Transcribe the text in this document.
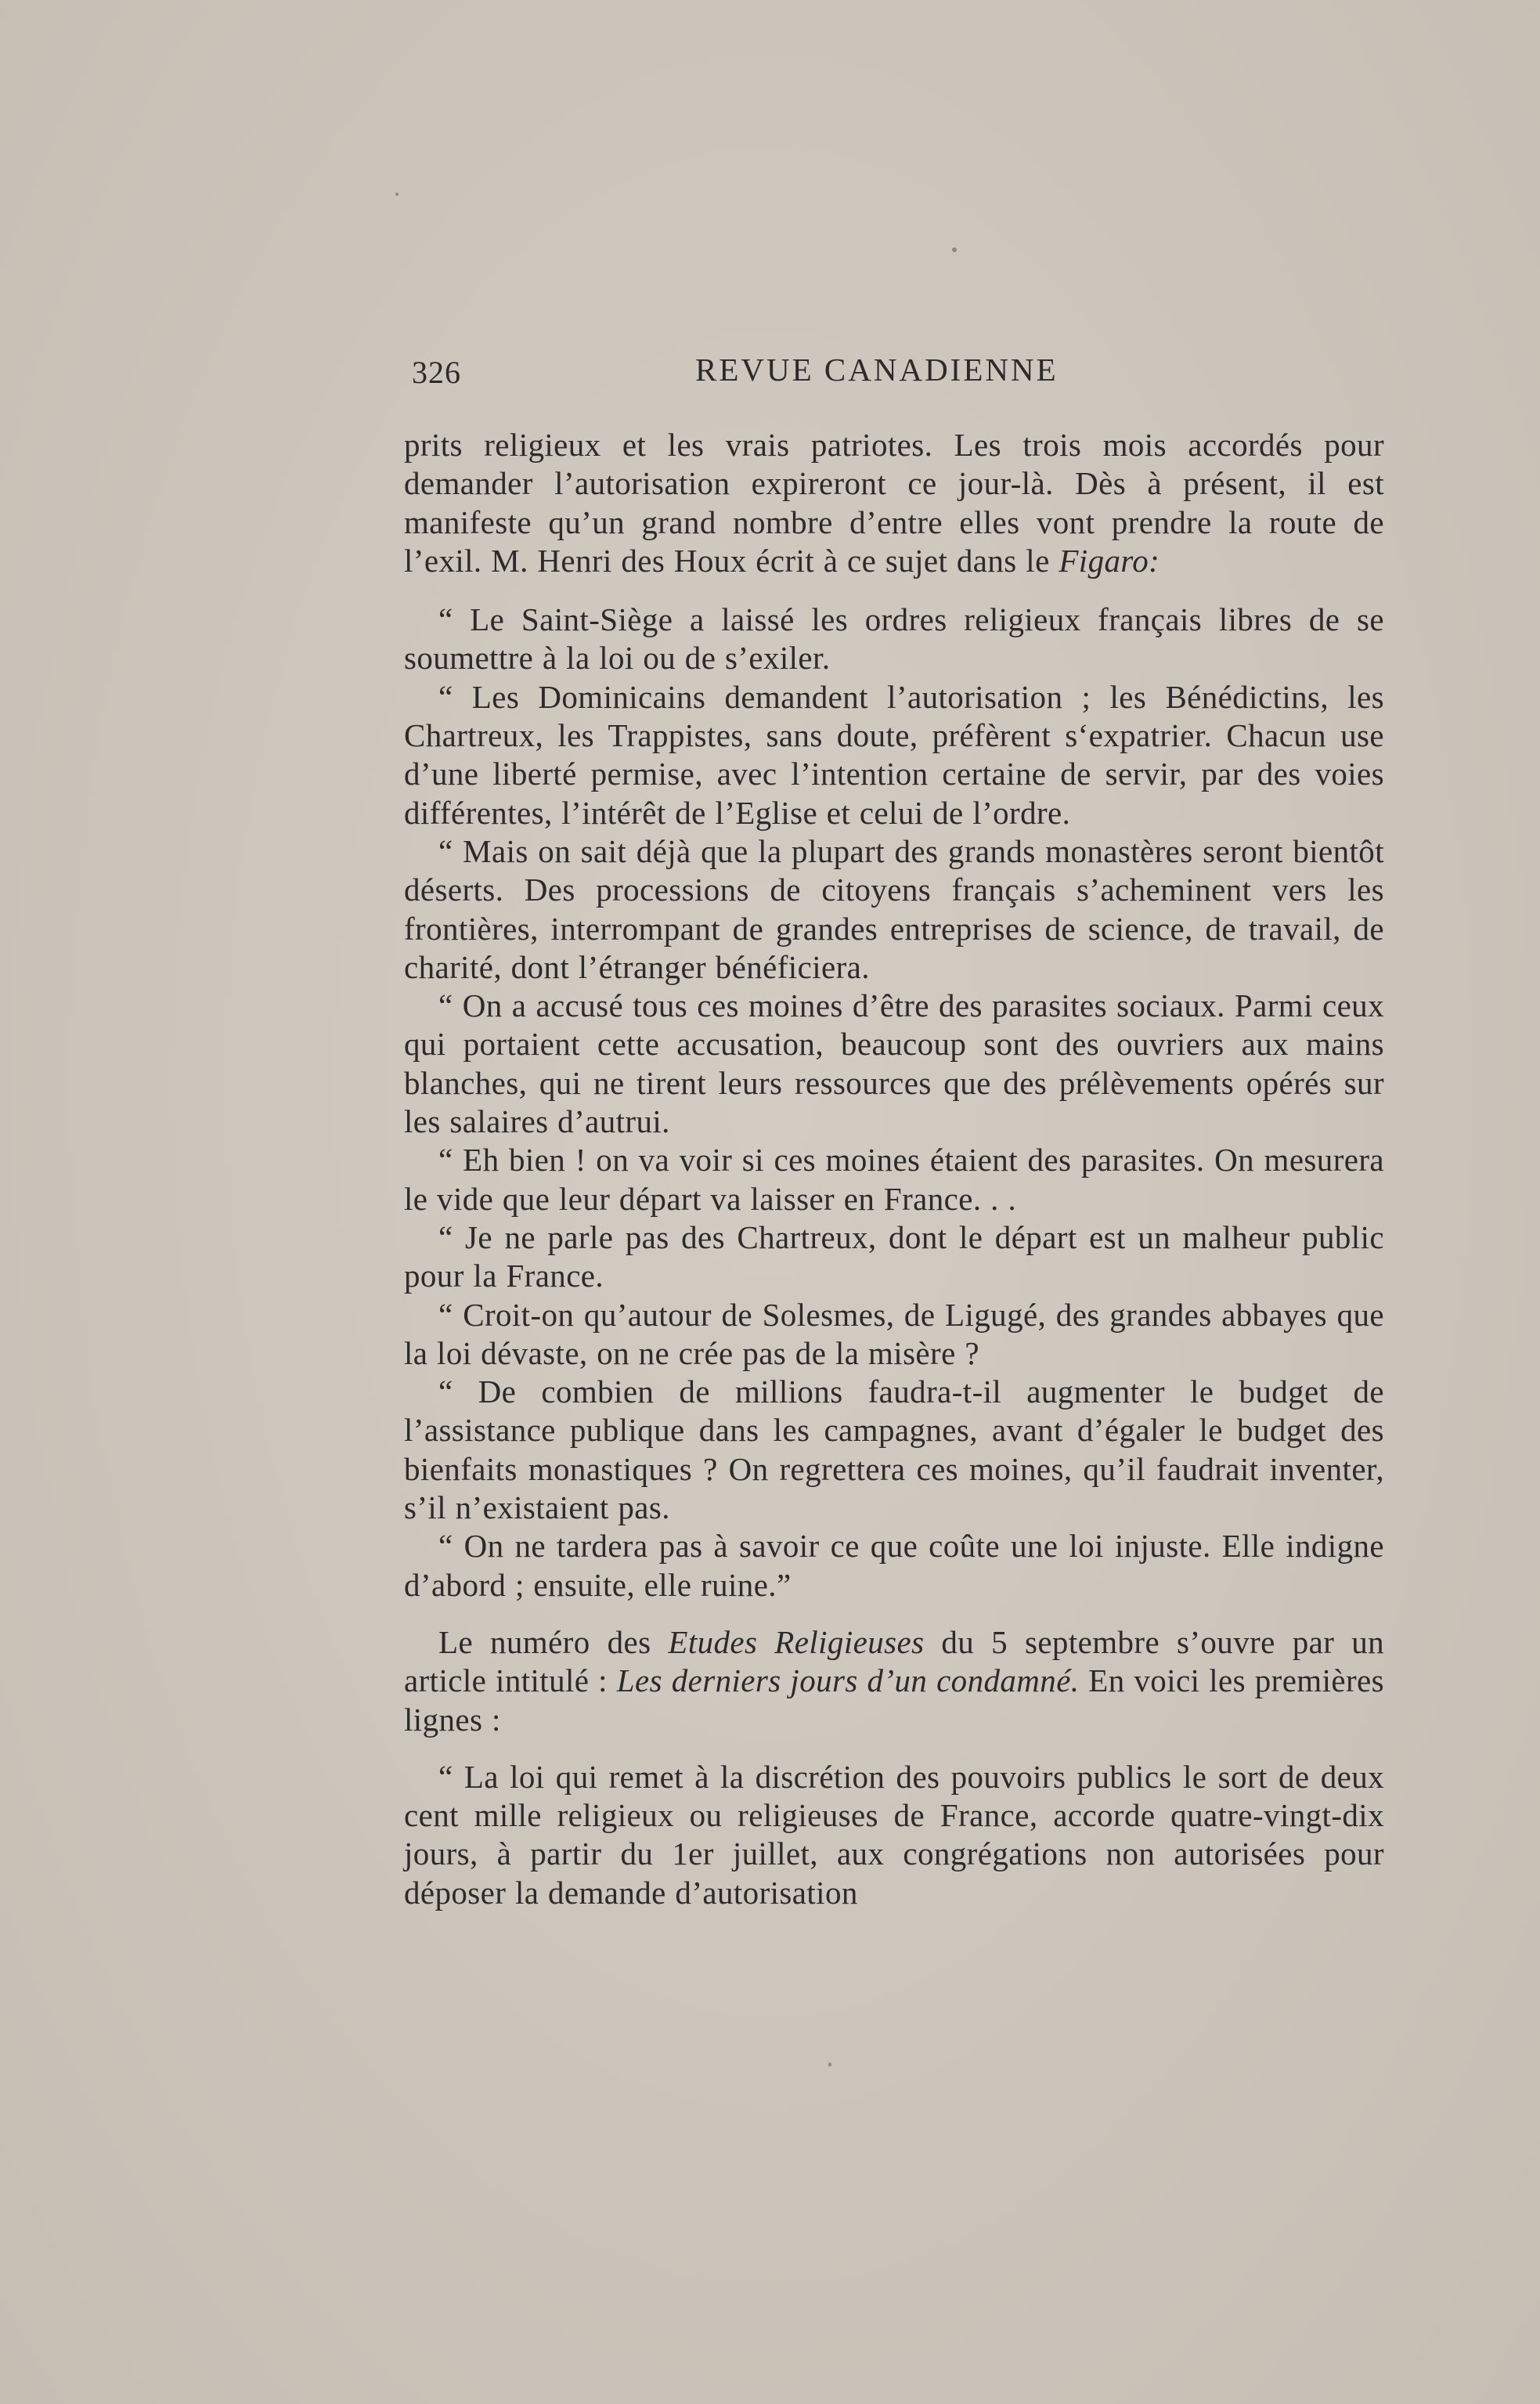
326	REVUE CANADIENNE

prits religieux et les vrais patriotes. Les trois mois accordés pour demander l’autorisation expireront ce jour-là. Dès à présent, il est manifeste qu’un grand nombre d’entre elles vont prendre la route de l’exil. M. Henri des Houx écrit à ce sujet dans le Figaro:

“ Le Saint-Siège a laissé les ordres religieux français libres de se soumettre à la loi ou de s’exiler.

“ Les Dominicains demandent l’autorisation ; les Bénédictins, les Chartreux, les Trappistes, sans doute, préfèrent s‘expatrier. Chacun use d’une liberté permise, avec l’intention certaine de servir, par des voies différentes, l’intérêt de l’Eglise et celui de l’ordre.

“ Mais on sait déjà que la plupart des grands monastères seront bientôt déserts. Des processions de citoyens français s’acheminent vers les frontières, interrompant de grandes entreprises de science, de travail, de charité, dont l’étranger bénéficiera.

“ On a accusé tous ces moines d’être des parasites sociaux. Parmi ceux qui portaient cette accusation, beaucoup sont des ouvriers aux mains blanches, qui ne tirent leurs ressources que des prélèvements opérés sur les salaires d’autrui.

“ Eh bien ! on va voir si ces moines étaient des parasites. On mesurera le vide que leur départ va laisser en France. . .

“ Je ne parle pas des Chartreux, dont le départ est un malheur public pour la France.

“ Croit-on qu’autour de Solesmes, de Ligugé, des grandes abbayes que la loi dévaste, on ne crée pas de la misère ?

“ De combien de millions faudra-t-il augmenter le budget de l’assistance publique dans les campagnes, avant d’égaler le budget des bienfaits monastiques ? On regrettera ces moines, qu’il faudrait inventer, s’il n’existaient pas.

“ On ne tardera pas à savoir ce que coûte une loi injuste. Elle indigne d’abord ; ensuite, elle ruine.”

Le numéro des Etudes Religieuses du 5 septembre s’ouvre par un article intitulé : Les derniers jours d’un condamné. En voici les premières lignes :

“ La loi qui remet à la discrétion des pouvoirs publics le sort de deux cent mille religieux ou religieuses de France, accorde quatre-vingt-dix jours, à partir du 1er juillet, aux congrégations non autorisées pour déposer la demande d’autorisation
